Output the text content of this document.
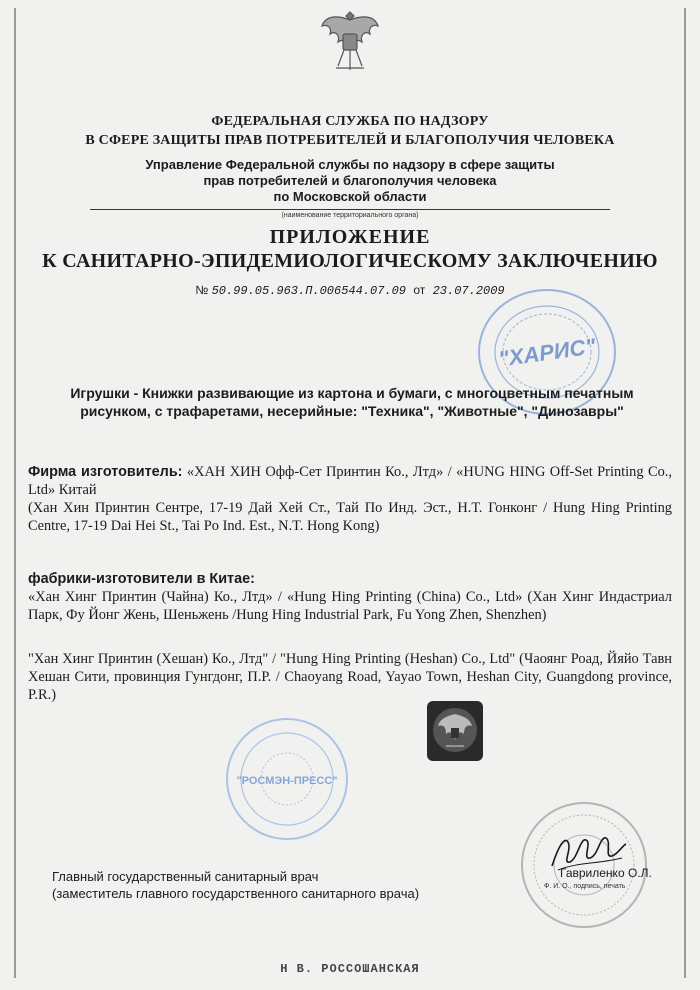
ФЕДЕРАЛЬНАЯ СЛУЖБА ПО НАДЗОРУ

В СФЕРЕ ЗАЩИТЫ ПРАВ ПОТРЕБИТЕЛЕЙ И БЛАГОПОЛУЧИЯ ЧЕЛОВЕКА

Управление Федеральной службы по надзору в сфере защиты

прав потребителей и благополучия человека

по Московской области

(наименование территориального органа)

ПРИЛОЖЕНИЕ

К САНИТАРНО-ЭПИДЕМИОЛОГИЧЕСКОМУ ЗАКЛЮЧЕНИЮ

№ 50.99.05.963.П.006544.07.09 от 23.07.2009
"ХАРИС"

Игрушки - Книжки развивающие из картона и бумаги, с многоцветным печатным рисунком, с трафаретами, несерийные: "Техника", "Животные", "Динозавры"

Фирма изготовитель: «ХАН ХИН Офф-Сет Принтин Ко., Лтд» / «HUNG HING Off-Set Printing Co., Ltd» Китай
(Хан Хин Принтин Сентре, 17-19 Дай Хей Ст., Тай По Инд. Эст., Н.Т. Гонконг / Hung Hing Printing Centre, 17-19 Dai Hei St., Tai Po Ind. Est., N.T. Hong Kong)

фабрики-изготовители в Китае:

«Хан Хинг Принтин (Чайна) Ко., Лтд» / «Hung Hing Printing (China) Co., Ltd» (Хан Хинг Индастриал Парк, Фу Йонг Жень, Шеньжень /Hung Hing Industrial Park, Fu Yong Zhen, Shenzhen)

"Хан Хинг Принтин (Хешан) Ко., Лтд" / "Hung Hing Printing (Heshan) Co., Ltd" (Чаоянг Роад, Йяйо Тавн Хешан Сити, провинция Гунгдонг, П.Р. / Chaoyang Road, Yayao Town, Heshan City, Guangdong province, P.R.)

"РОСМЭН-ПРЕСС"

Главный государственный санитарный врач

(заместитель главного государственного санитарного врача)

Гавриленко О.Л.
Ф. И. О., подпись, печать
Н В. РОССОШАНСКАЯ
